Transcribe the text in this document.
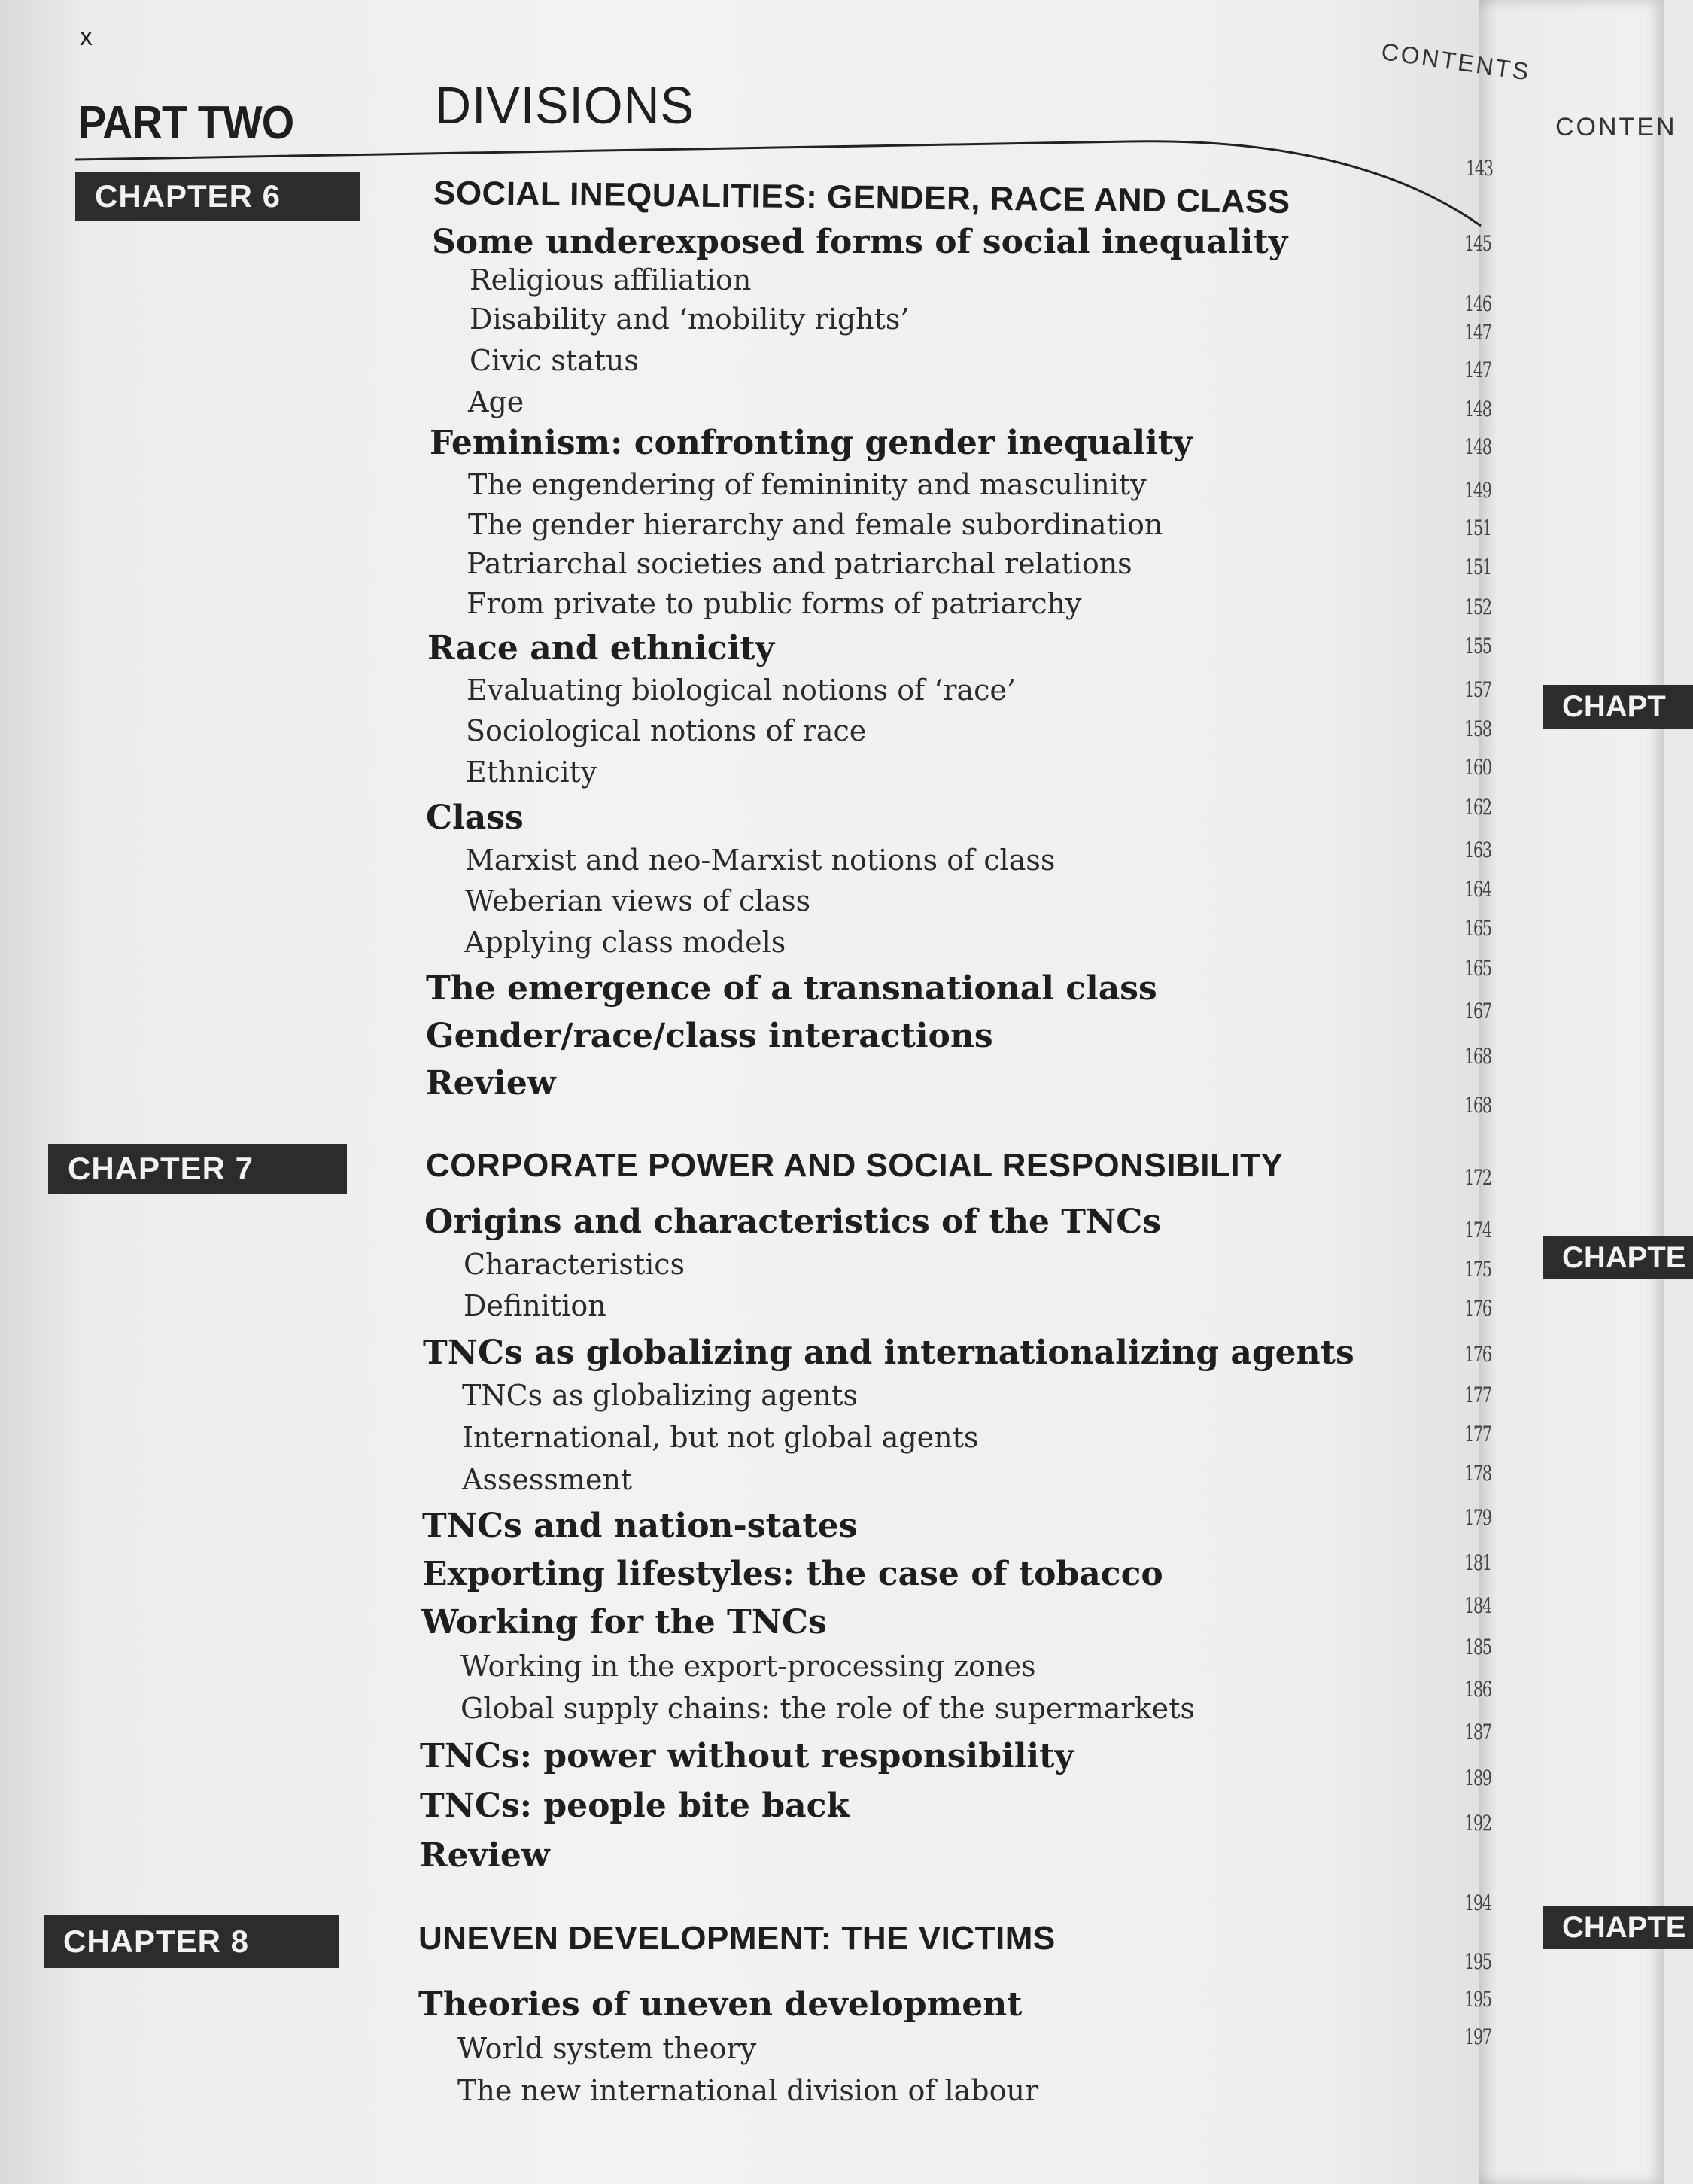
x
PART TWO	DIVISIONS
CONTENTS
CHAPTER 6
CHAPTER 7
CHAPTER 8
SOCIAL INEQUALITIES: GENDER, RACE AND CLASS
CORPORATE POWER AND SOCIAL RESPONSIBILITY
UNEVEN DEVELOPMENT: THE VICTIMS
Some underexposed forms of social inequality
Religious affiliation
Disability and ‘mobility rights’
Civic status
Age
Feminism: confronting gender inequality
The engendering of femininity and masculinity
The gender hierarchy and female subordination
Patriarchal societies and patriarchal relations
From private to public forms of patriarchy
Race and ethnicity
Evaluating biological notions of ‘race’
Sociological notions of race
Ethnicity
Class
Marxist and neo-Marxist notions of class
Weberian views of class
Applying class models
The emergence of a transnational class
Gender/race/class interactions
Review
Origins and characteristics of the TNCs
Characteristics
Definition
TNCs as globalizing and internationalizing agents
TNCs as globalizing agents
International, but not global agents
Assessment
TNCs and nation-states
Exporting lifestyles: the case of tobacco
Working for the TNCs
Working in the export-processing zones
Global supply chains: the role of the supermarkets
TNCs: power without responsibility
TNCs: people bite back
Review
Theories of uneven development
World system theory
The new international division of labour
143
145
146
147
147
148
148
149
151
151
152
155
157
158
160
162
163
164
165
165
167
168
168
172
174
175
176
176
177
177
178
179
181
184
185
186
187
189
192
194
195
195
197
CONTEN
CHAPT
CHAPTE
CHAPTE
